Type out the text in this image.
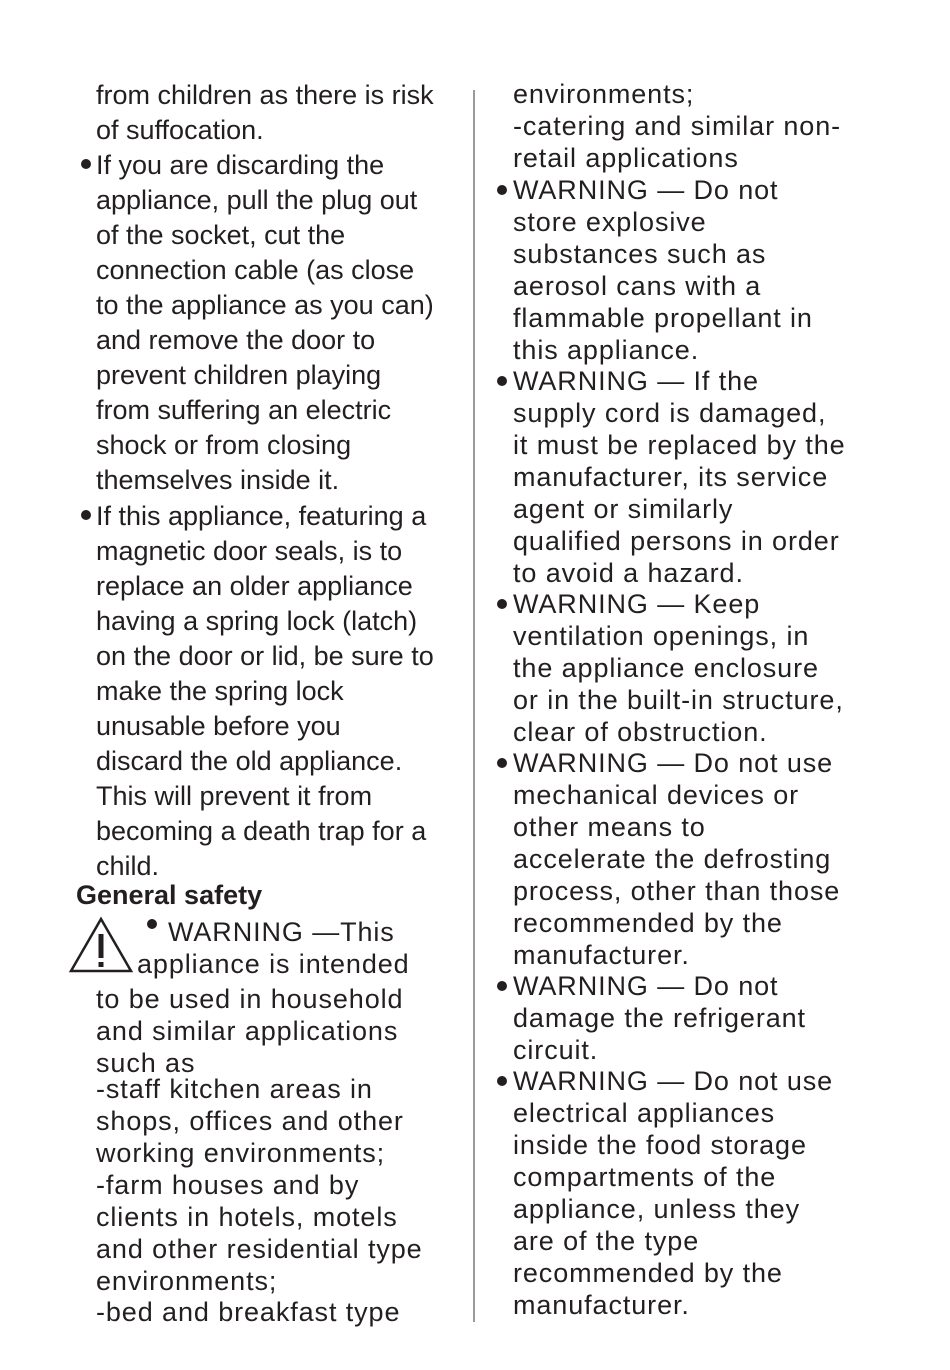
from children as there is risk

of suffocation.

If you are discarding the

appliance, pull the plug out

of the socket, cut the

connection cable (as close

to the appliance as you can)

and remove the door to

prevent children playing

from suffering an electric

shock or from closing

themselves inside it.

If this appliance, featuring a

magnetic door seals, is to

replace an older appliance

having a spring lock (latch)

on the door or lid, be sure to

make the spring lock

unusable before you

discard the old appliance.

This will prevent it from

becoming a death trap for a

child.

General safety

WARNING —This

appliance is intended

to be used in household

and similar applications

such as

-staff kitchen areas in

shops, offices and other

working environments;

-farm houses and by

clients in hotels, motels

and other residential type

environments;

-bed and breakfast type

environments;

-catering and similar non-

retail applications

WARNING — Do not

store explosive

substances such as

aerosol cans with a

flammable propellant in

this appliance.

WARNING — If the

supply cord is damaged,

it must be replaced by the

manufacturer, its service

agent or similarly

qualified persons in order

to avoid a hazard.

WARNING — Keep

ventilation openings, in

the appliance enclosure

or in the built-in structure,

clear of obstruction.

WARNING — Do not use

mechanical devices or

other means to

accelerate the defrosting

process, other than those

recommended by the

manufacturer.

WARNING — Do not

damage the refrigerant

circuit.

WARNING — Do not use

electrical appliances

inside the food storage

compartments of the

appliance, unless they

are of the type

recommended by the

manufacturer.
